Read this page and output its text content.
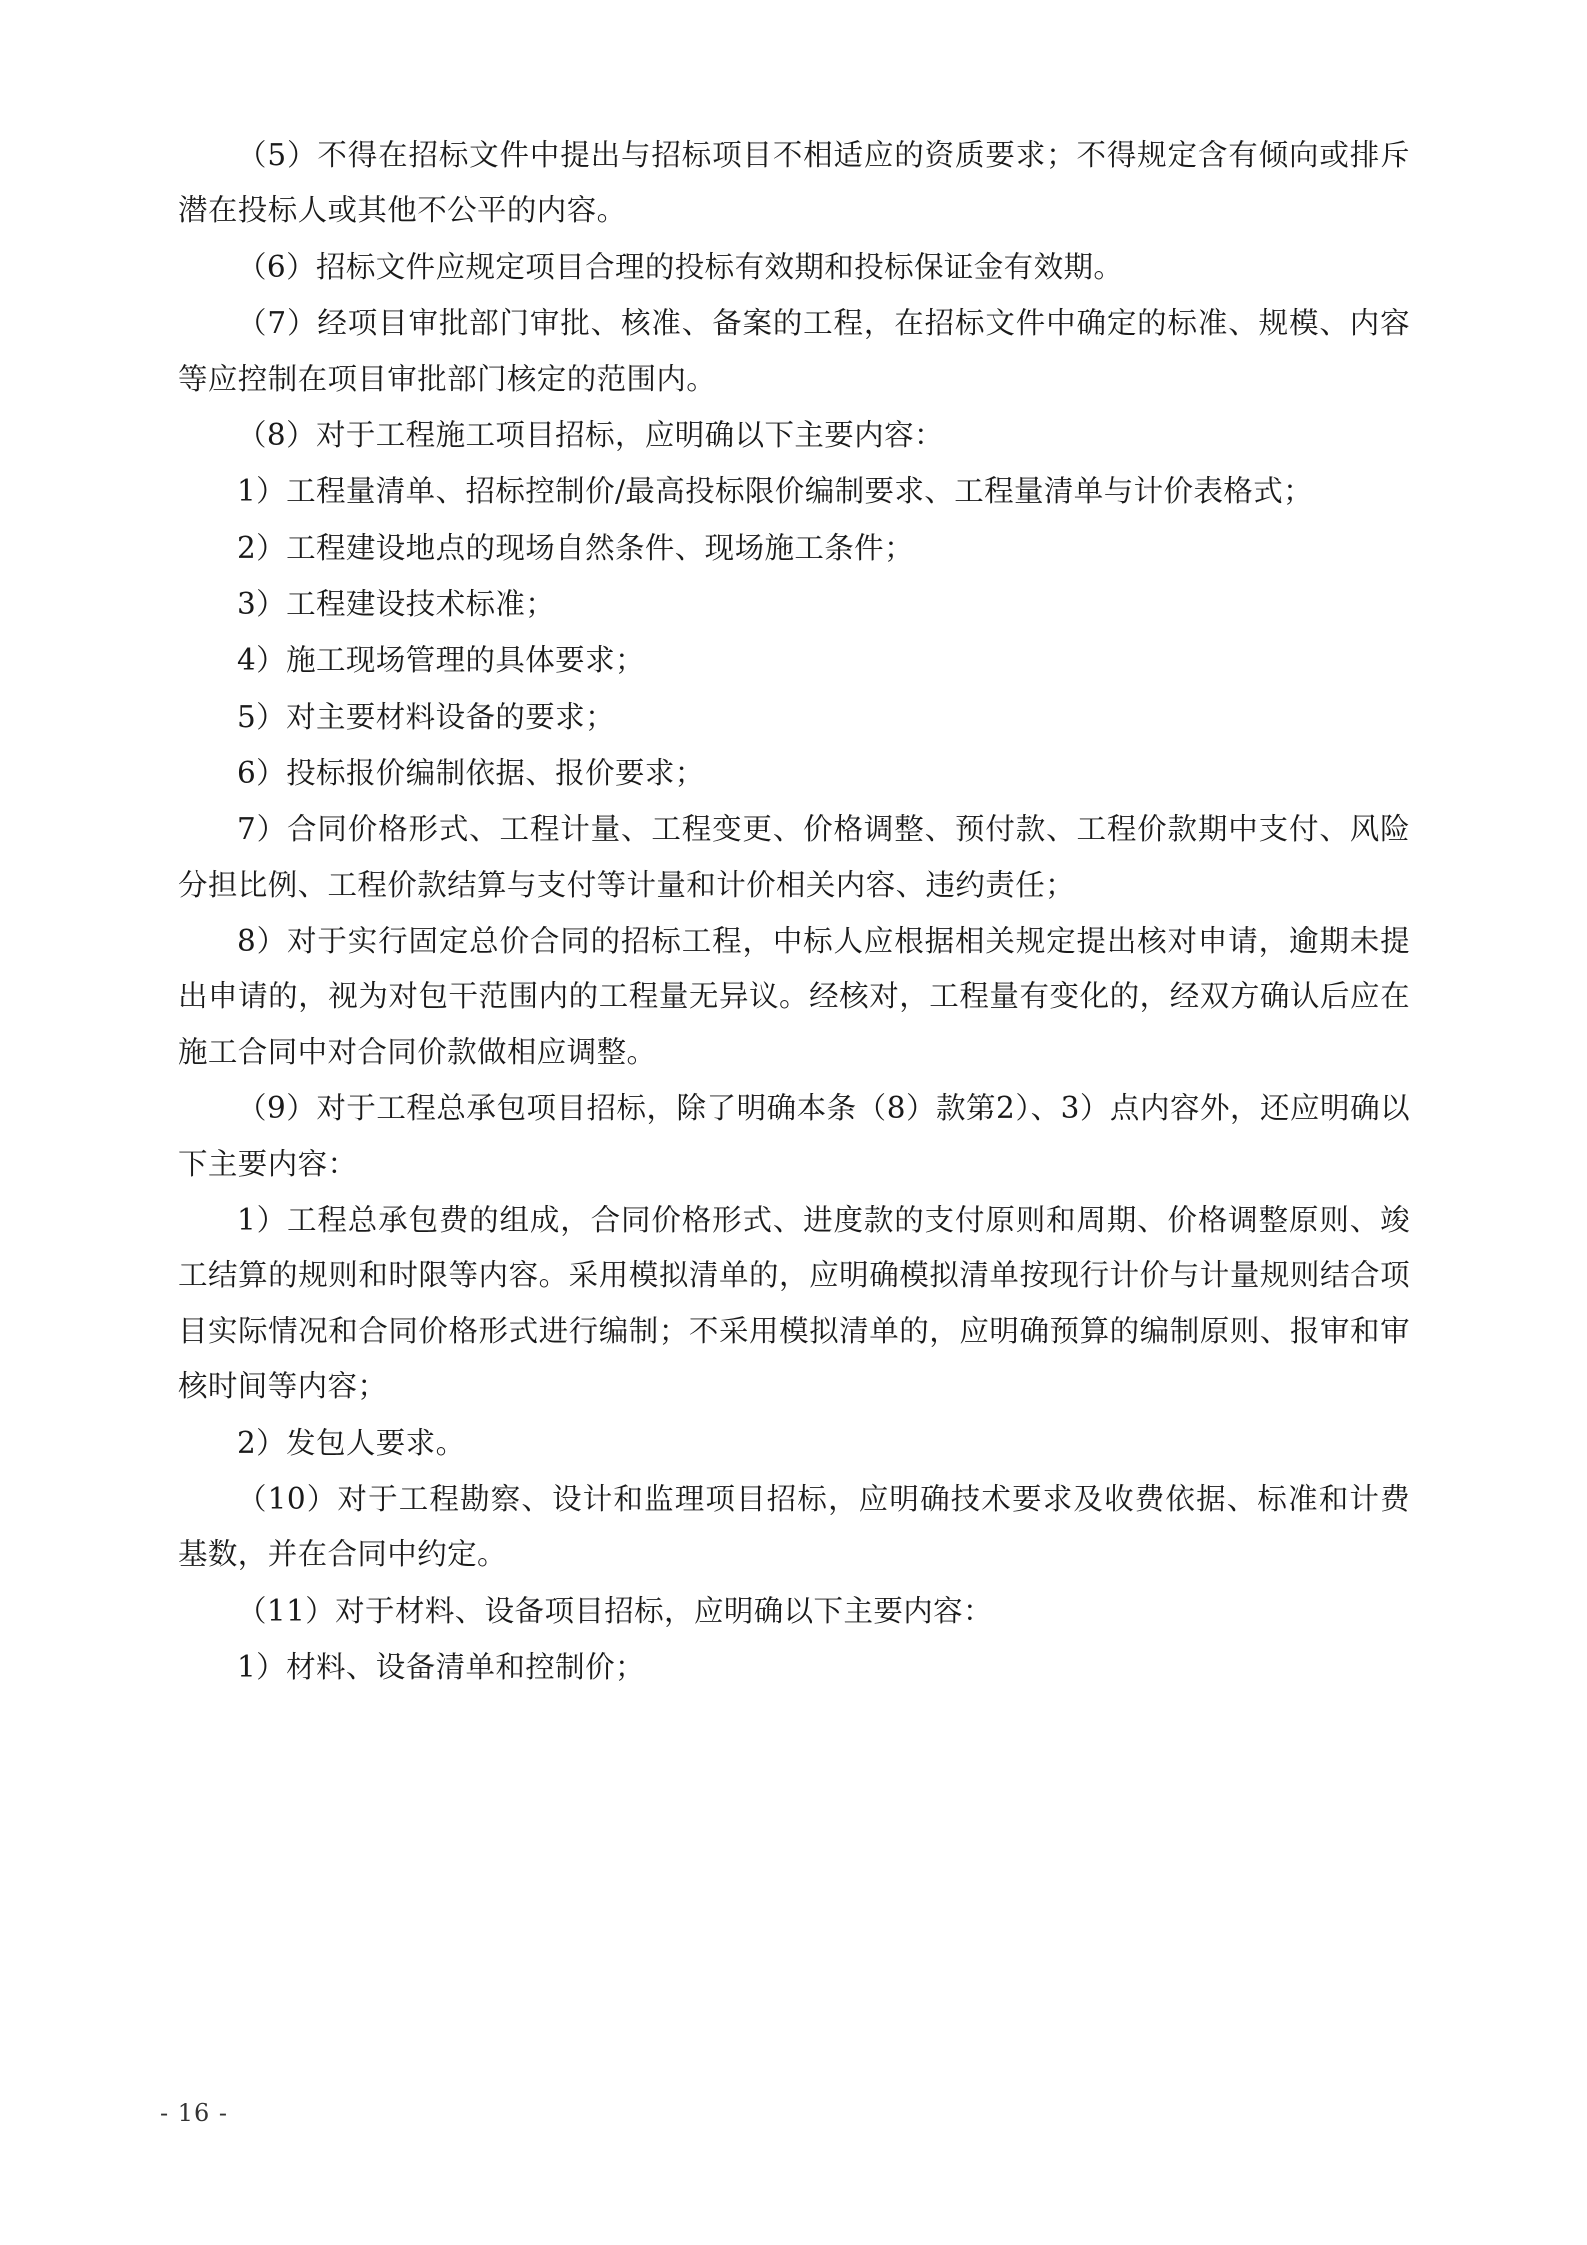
（5）不得在招标文件中提出与招标项目不相适应的资质要求；不得规定含有倾向或排斥潜在投标人或其他不公平的内容。

（6）招标文件应规定项目合理的投标有效期和投标保证金有效期。

（7）经项目审批部门审批、核准、备案的工程，在招标文件中确定的标准、规模、内容等应控制在项目审批部门核定的范围内。

（8）对于工程施工项目招标，应明确以下主要内容：

1）工程量清单、招标控制价/最高投标限价编制要求、工程量清单与计价表格式；

2）工程建设地点的现场自然条件、现场施工条件；

3）工程建设技术标准；

4）施工现场管理的具体要求；

5）对主要材料设备的要求；

6）投标报价编制依据、报价要求；

7）合同价格形式、工程计量、工程变更、价格调整、预付款、工程价款期中支付、风险分担比例、工程价款结算与支付等计量和计价相关内容、违约责任；

8）对于实行固定总价合同的招标工程，中标人应根据相关规定提出核对申请，逾期未提出申请的，视为对包干范围内的工程量无异议。经核对，工程量有变化的，经双方确认后应在施工合同中对合同价款做相应调整。

（9）对于工程总承包项目招标，除了明确本条（8）款第2）、3）点内容外，还应明确以下主要内容：

1）工程总承包费的组成，合同价格形式、进度款的支付原则和周期、价格调整原则、竣工结算的规则和时限等内容。采用模拟清单的，应明确模拟清单按现行计价与计量规则结合项目实际情况和合同价格形式进行编制；不采用模拟清单的，应明确预算的编制原则、报审和审核时间等内容；

2）发包人要求。

（10）对于工程勘察、设计和监理项目招标，应明确技术要求及收费依据、标准和计费基数，并在合同中约定。

（11）对于材料、设备项目招标，应明确以下主要内容：

1）材料、设备清单和控制价；

- 16 -
